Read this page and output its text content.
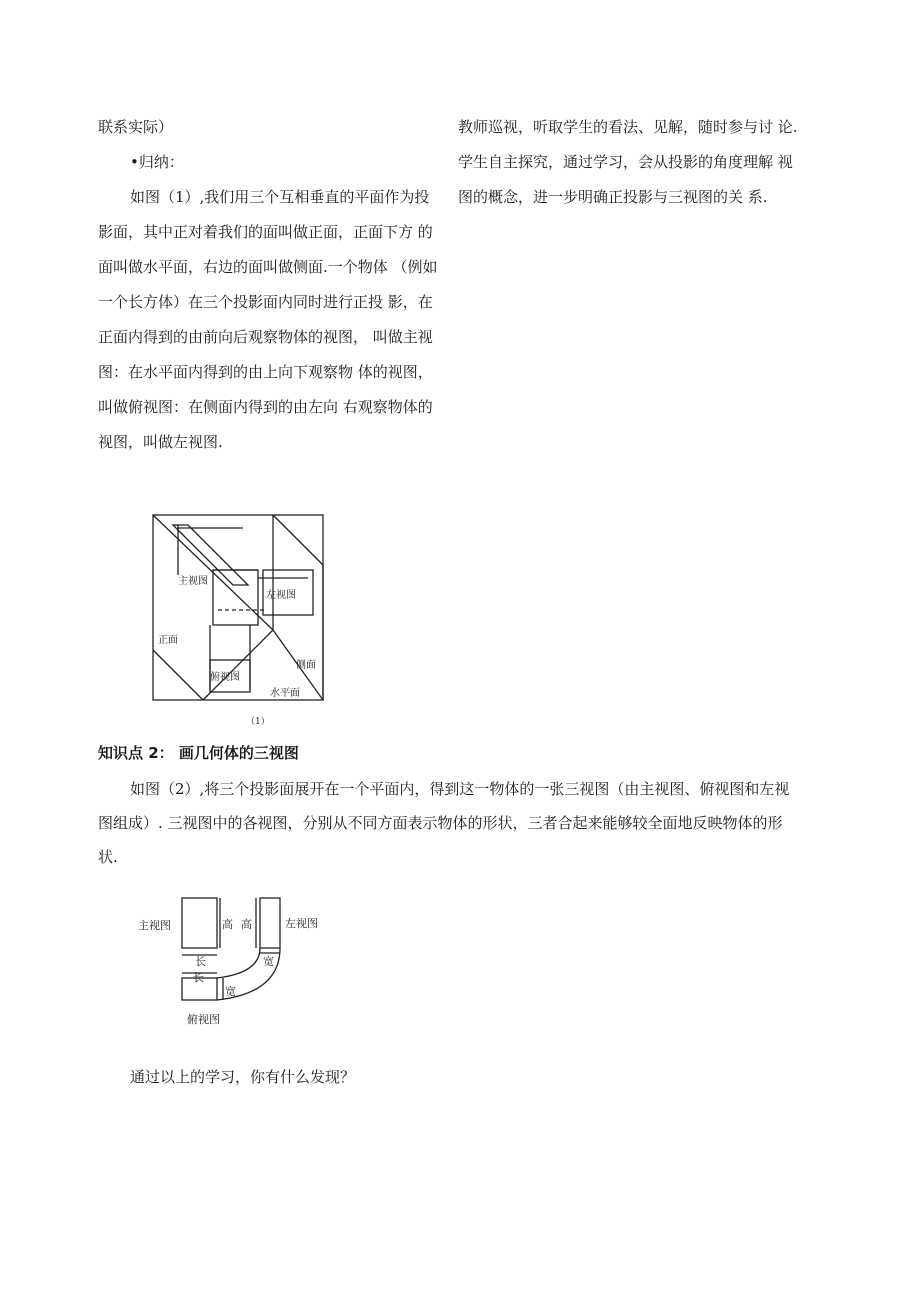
联系实际）
•归纳：
如图（1）,我们用三个互相垂直的平面作为投
影面，其中正对着我们的面叫做正面，正面下方 的
面叫做水平面，右边的面叫做侧面.一个物体 （例如
一个长方体）在三个投影面内同时进行正投 影，在
正面内得到的由前向后观察物体的视图， 叫做主视
图：在水平面内得到的由上向下观察物 体的视图，
叫做俯视图：在侧面内得到的由左向 右观察物体的
视图，叫做左视图.
教师巡视，听取学生的看法、见解，随时参与讨 论.
学生自主探究，通过学习，会从投影的角度理解 视
图的概念，进一步明确正投影与三视图的关 系.
主视图
左视图
正面
侧面
俯视图
水平面
（1）
知识点 2： 画几何体的三视图
如图（2）,将三个投影面展开在一个平面内，得到这一物体的一张三视图（由主视图、俯视图和左视
图组成）. 三视图中的各视图，分别从不同方面表示物体的形状，三者合起来能够较全面地反映物体的形
状.
主视图	左视图
俯视图
高 高
长
长
宽
宽
通过以上的学习，你有什么发现？
